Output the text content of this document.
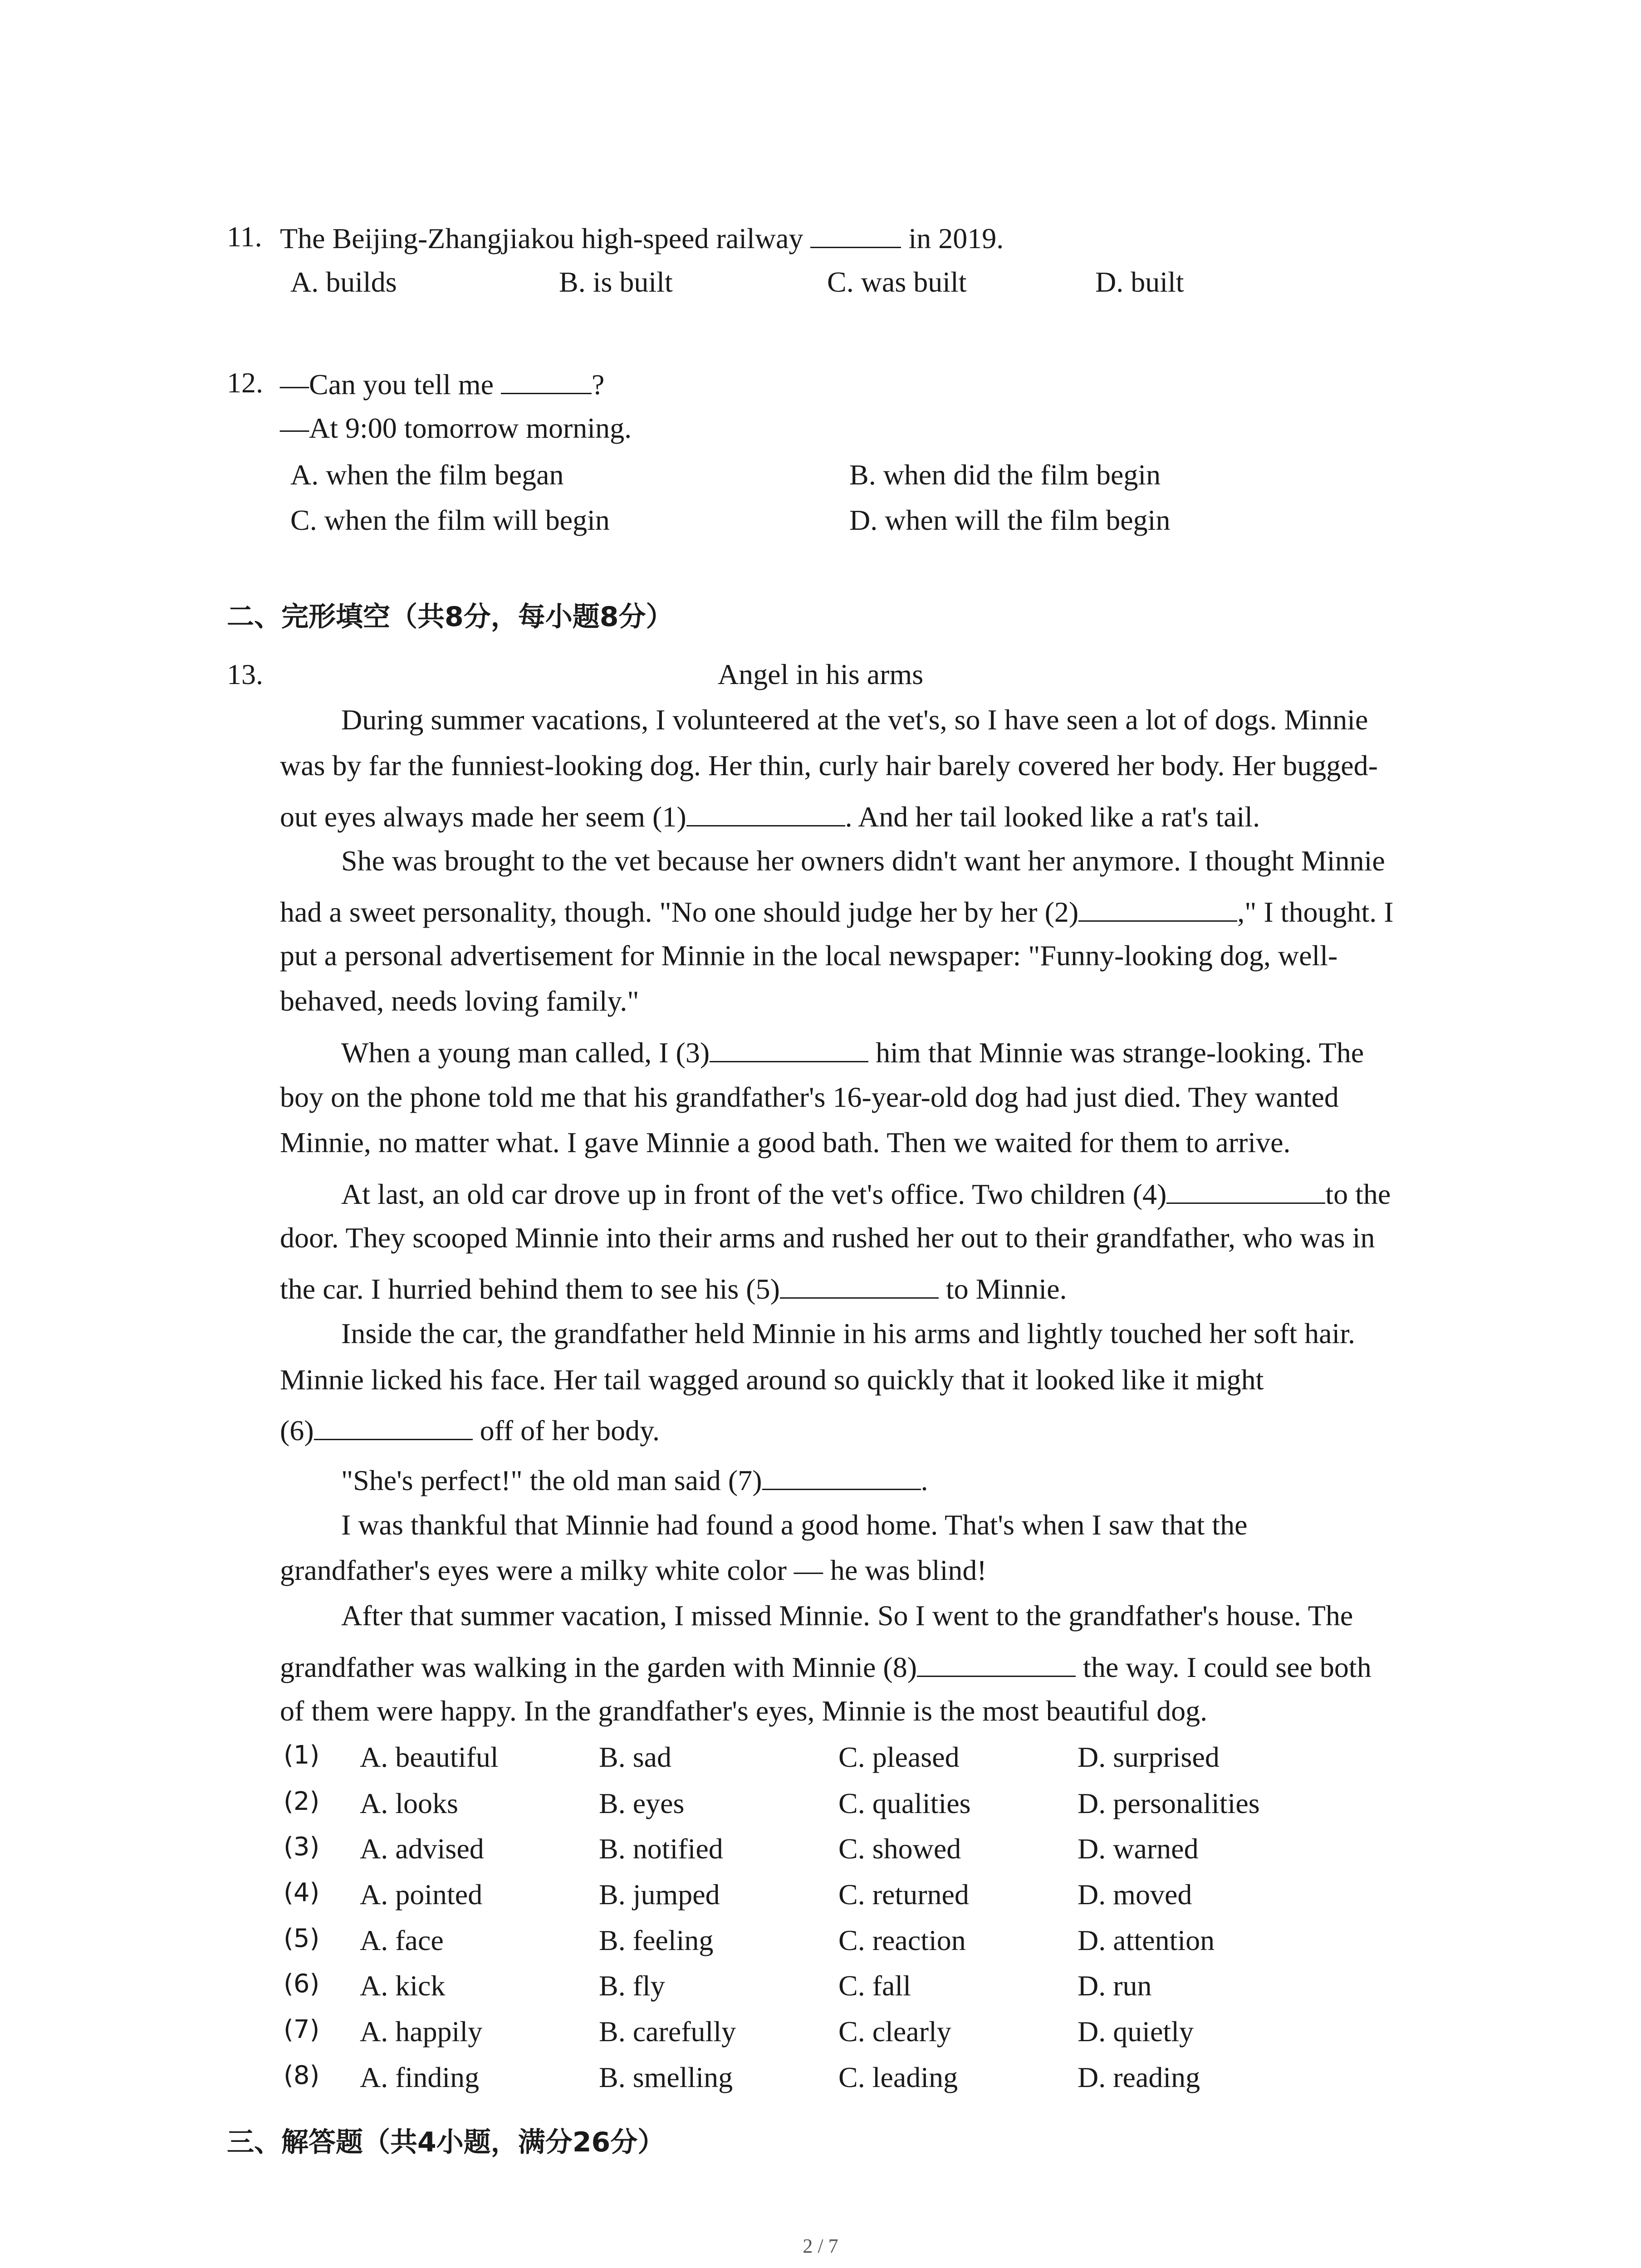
11. The Beijing-Zhangjiakou high-speed railway	in 2019.

A. builds	B. is built	C. was built	D. built

12. —Can you tell me	?

—At 9:00 tomorrow morning.

A. when the film began	B. when did the film begin

C. when the film will begin	D. when will the film begin

二、完形填空（共8分，每小题8分）

13.	Angel in his arms

During summer vacations, I volunteered at the vet's, so I have seen a lot of dogs. Minnie

was by far the funniest-looking dog. Her thin, curly hair barely covered her body. Her bugged-

out eyes always made her seem (1)	. And her tail looked like a rat's tail.

She was brought to the vet because her owners didn't want her anymore. I thought Minnie

had a sweet personality, though. "No one should judge her by her (2)	," I thought. I

put a personal advertisement for Minnie in the local newspaper: "Funny-looking dog, well-

behaved, needs loving family."

When a young man called, I (3)	him that Minnie was strange-looking. The

boy on the phone told me that his grandfather's 16-year-old dog had just died. They wanted

Minnie, no matter what. I gave Minnie a good bath. Then we waited for them to arrive.

At last, an old car drove up in front of the vet's office. Two children (4)	to the

door. They scooped Minnie into their arms and rushed her out to their grandfather, who was in

the car. I hurried behind them to see his (5)	to Minnie.

Inside the car, the grandfather held Minnie in his arms and lightly touched her soft hair.

Minnie licked his face. Her tail wagged around so quickly that it looked like it might

(6)	off of her body.

"She's perfect!" the old man said (7)	.

I was thankful that Minnie had found a good home. That's when I saw that the

grandfather's eyes were a milky white color — he was blind!

After that summer vacation, I missed Minnie. So I went to the grandfather's house. The

grandfather was walking in the garden with Minnie (8)	the way. I could see both

of them were happy. In the grandfather's eyes, Minnie is the most beautiful dog.

(1) A. beautiful	B. sad	C. pleased	D. surprised

(2) A. looks	B. eyes	C. qualities	D. personalities

(3) A. advised	B. notified	C. showed	D. warned

(4) A. pointed	B. jumped	C. returned	D. moved

(5) A. face	B. feeling	C. reaction	D. attention

(6) A. kick	B. fly	C. fall	D. run

(7) A. happily	B. carefully	C. clearly	D. quietly

(8) A. finding	B. smelling	C. leading	D. reading

三、解答题（共4小题，满分26分）

2 / 7
